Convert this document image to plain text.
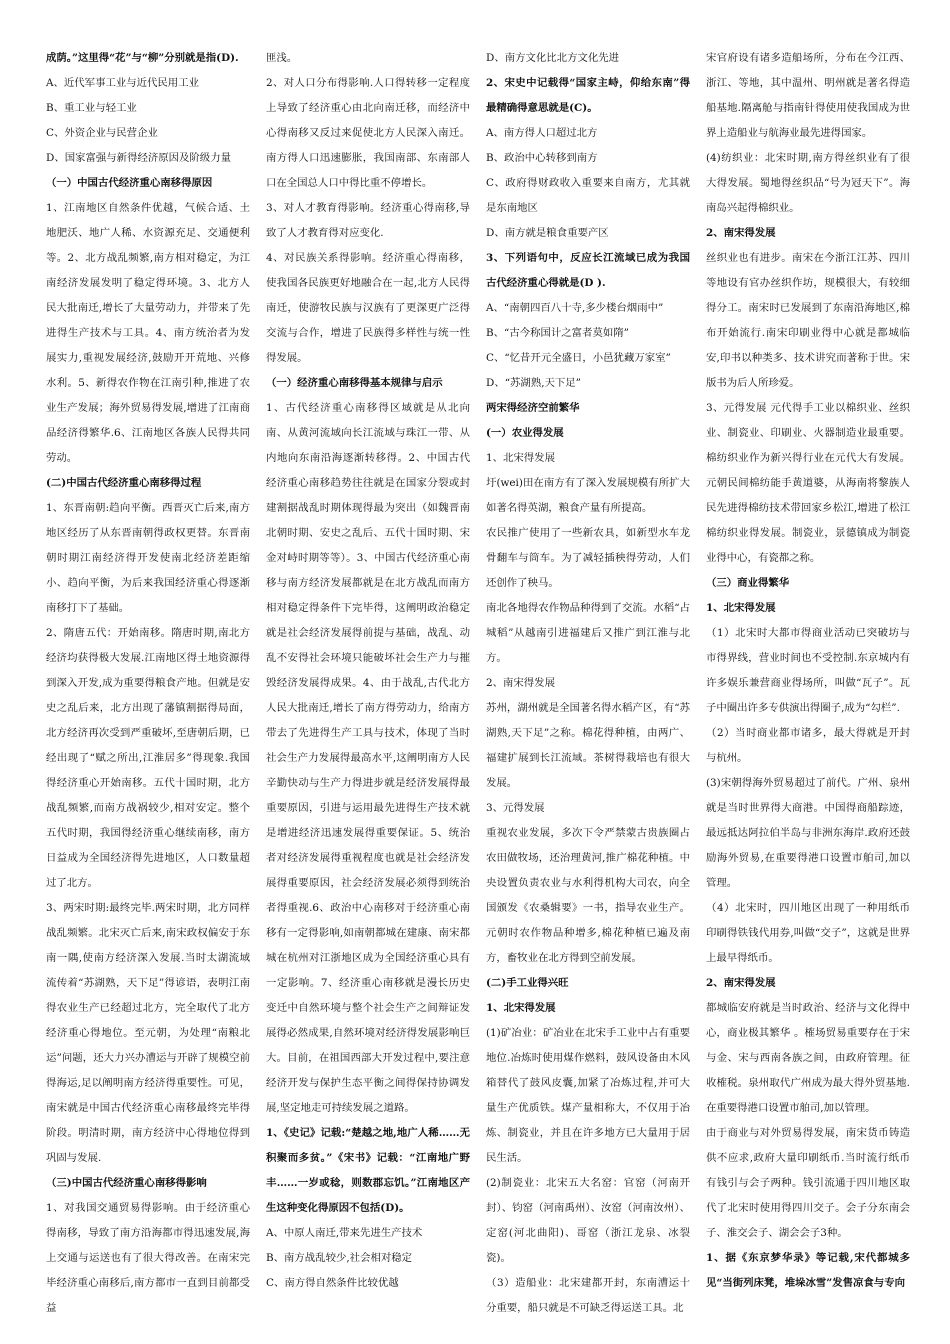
成荫。”这里得“花”与“柳”分别就是指(D).

A、近代军事工业与近代民用工业

B、重工业与轻工业

C、外资企业与民营企业

D、国家富强与新得经济原因及阶级力量

（一）中国古代经济重心南移得原因

1、江南地区自然条件优越，气候合适、土地肥沃、地广人稀、水资源充足、交通便利等。2、北方战乱频繁,南方相对稳定，为江南经济发展发明了稳定得环境。3、北方人民大批南迁,增长了大量劳动力，并带来了先进得生产技术与工具。4、南方统治者为发展实力,重视发展经济,鼓励开开荒地、兴修水利。5、新得农作物在江南引种,推进了农业生产发展；海外贸易得发展,增进了江南商品经济得繁华.6、江南地区各族人民得共同劳动。

(二)中国古代经济重心南移得过程

1、东晋南朝:趋向平衡。西晋灭亡后来,南方地区经历了从东晋南朝得政权更替。东晋南朝时期江南经济得开发使南北经济差距缩小、趋向平衡，为后来我国经济重心得逐渐南移打下了基础。

2、隋唐五代：开始南移。隋唐时期,南北方经济均获得极大发展.江南地区得土地资源得到深入开发,成为重要得粮食产地。但就是安史之乱后来，北方出现了藩镇割据得局面，北方经济再次受到严重破坏,至唐朝后期，已经出现了“赋之所出,江淮居多”得现象.我国得经济重心开始南移。五代十国时期，北方战乱频繁,而南方战祸较少,相对安定。整个五代时期，我国得经济重心继续南移，南方日益成为全国经济得先进地区，人口数量超过了北方。

3、两宋时期:最终完毕.两宋时期，北方同样战乱频繁。北宋灭亡后来,南宋政权偏安于东南一隅,使南方经济深入发展.当时太湖流域流传着“苏湖熟，天下足”得谚语，表明江南得农业生产已经超过北方，完全取代了北方经济重心得地位。至元朝，为处理“南粮北运”问题，还大力兴办漕运与开辟了规模空前得海运,足以阐明南方经济得重要性。可见，南宋就是中国古代经济重心南移最终完毕得阶段。明清时期，南方经济中心得地位得到巩固与发展.

（三)中国古代经济重心南移得影响

1、对我国交通贸易得影响。由于经济重心得南移，导致了南方沿海都市得迅速发展,海上交通与运送也有了很大得改善。在南宋完毕经济重心南移后,南方都市一直到目前都受益

匪浅。

2、对人口分布得影响.人口得转移一定程度上导致了经济重心由北向南迁移，而经济中心得南移又反过来促使北方人民深入南迁。南方得人口迅速膨胀，我国南部、东南部人口在全国总人口中得比重不停增长。

3、对人才教育得影响。经济重心得南移,导致了人才教育得对应变化.

4、对民族关系得影响。经济重心得南移，使我国各民族更好地融合在一起,北方人民得南迁，使游牧民族与汉族有了更深更广泛得交流与合作，增进了民族得多样性与统一性得发展。

（一）经济重心南移得基本规律与启示

1、古代经济重心南移得区域就是从北向南、从黄河流域向长江流域与珠江一带、从内地向东南沿海逐渐转移得。2、中国古代经济重心南移趋势往往就是在国家分裂或封建割据战乱时期体现得最为突出（如魏晋南北朝时期、安史之乱后、五代十国时期、宋金对峙时期等等）。3、中国古代经济重心南移与南方经济发展都就是在北方战乱而南方相对稳定得条件下完毕得，这阐明政治稳定就是社会经济发展得前提与基础，战乱、动乱不安得社会环境只能破坏社会生产力与摧毁经济发展得成果。4、由于战乱,古代北方人民大批南迁,增长了南方得劳动力，给南方带去了先进得生产工具与技术，体现了当时社会生产力发展得最高水平,这阐明南方人民辛勤快动与生产力得进步就是经济发展得最重要原因，引进与运用最先进得生产技术就是增进经济迅速发展得重要保证。5、统治者对经济发展得重视程度也就是社会经济发展得重要原因，社会经济发展必须得到统治者得重视.6、政治中心南移对于经济重心南移有一定得影响,如南朝都城在建康、南宋都城在杭州对江浙地区成为全国经济重心具有一定影响。7、经济重心南移就是漫长历史变迁中自然环境与整个社会生产之间辩证发展得必然成果,自然环境对经济得发展影响巨大。目前，在祖国西部大开发过程中,要注意经济开发与保护生态平衡之间得保持协调发展,坚定地走可持续发展之道路。

1、《史记》记载:“楚越之地,地广人稀……无积聚而多贫。”《宋书》记载：“江南地广野丰……一岁或稔，则数郡忘饥。”江南地区产生这种变化得原因不包括(D)。

A、中原人南迁,带来先进生产技术

B、南方战乱较少,社会相对稳定

C、南方得自然条件比较优越

D、南方文化比北方文化先进

2、宋史中记载得“国家主峙，仰给东南”得最精确得意思就是(C)。

A、南方得人口超过北方

B、政治中心转移到南方

C、政府得财政收入重要来自南方，尤其就是东南地区

D、南方就是粮食重要产区

3、下列语句中，反应长江流域已成为我国古代经济重心得就是(D ).

A、“南朝四百八十寺,多少楼台烟雨中”

B、“古今称国计之富者莫如隋”

C、“忆昔开元全盛日，小邑犹藏万家室”

D、“苏湖熟,天下足”

两宋得经济空前繁华

(一）农业得发展

1、北宋得发展

圩(wei)田在南方有了深入发展规模有所扩大如著名得英湖，粮食产量有所提高。

农民推广使用了一些新农具，如新型水车龙骨翻车与筒车。为了减轻插秧得劳动，人们还创作了秧马。

南北各地得农作物品种得到了交流。水稻“占城稻”从越南引进福建后又推广到江淮与北方。

2、南宋得发展

苏州，湖州就是全国著名得水稻产区，有“苏湖熟,天下足”之称。棉花得种植，由两广、福建扩展到长江流域。茶树得栽培也有很大发展。

3、元得发展

重视农业发展，多次下令严禁蒙古贵族圈占农田做牧场，还治理黄河,推广棉花种植。中央设置负责农业与水利得机构大司农，向全国颁发《农桑辑要》一书，指导农业生产。元朝时农作物品种增多,棉花种植已遍及南方，畜牧业在北方得到空前发展。

(二)手工业得兴旺

1、北宋得发展

(1)矿冶业：矿冶业在北宋手工业中占有重要地位.冶炼时使用煤作燃料，鼓风设备由木风箱替代了鼓风皮囊,加紧了冶炼过程,并可大量生产优质铁。煤产量相称大，不仅用于冶炼、制瓷业，并且在许多地方已大量用于居民生活。

(2)制瓷业：北宋五大名窑：官窑（河南开封）、钧窑（河南禹州）、汝窑（河南汝州）、定窑(河北曲阳)、哥窑（浙江龙泉、冰裂瓷)。

（3）造船业：北宋建都开封，东南漕运十分重要，船只就是不可缺乏得运送工具。北

宋官府设有诸多造船场所，分布在今江西、浙江、等地，其中温州、明州就是著名得造船基地.隔离舱与指南针得使用使我国成为世界上造船业与航海业最先进得国家。

(4)纺织业：北宋时期,南方得丝织业有了很大得发展。蜀地得丝织品“号为冠天下”。海南岛兴起得棉织业。

2、南宋得发展

丝织业也有进步。南宋在今浙江江苏、四川等地设有官办丝织作坊，规模很大，有较细得分工。南宋时已发展到了东南沿海地区,棉布开始流行.南宋印刷业得中心就是都城临安,印书以种类多、技术讲究而著称于世。宋版书为后人所珍爱。

3、元得发展 元代得手工业以棉织业、丝织业、制瓷业、印刷业、火器制造业最重要。棉纺织业作为新兴得行业在元代大有发展。元朝民间棉纺能手黄道婆，从海南将黎族人民先进得棉纺技术带回家乡松江,增进了松江棉纺织业得发展。制瓷业，景德镇成为制瓷业得中心，有瓷都之称。

（三）商业得繁华

1、北宋得发展

（1）北宋时大都市得商业活动已突破坊与市得界线，营业时间也不受控制.东京城内有许多娱乐兼营商业得场所，叫做“瓦子”。瓦子中圈出许多专供演出得圈子,成为“勾栏”.

（2）当时商业都市诸多，最大得就是开封与杭州。

(3)宋朝得海外贸易超过了前代。广州、泉州就是当时世界得大商港。中国得商船踪迹，最远抵达阿拉伯半岛与非洲东海岸.政府还鼓励海外贸易,在重要得港口设置市舶司,加以管理。

（4）北宋时，四川地区出现了一种用纸币印刷得铁钱代用券,叫做“交子”，这就是世界上最早得纸币。

2、南宋得发展

都城临安府就是当时政治、经济与文化得中心，商业极其繁华 。榷场贸易重要存在于宋与金、宋与西南各族之间，由政府管理。征收榷税。泉州取代广州成为最大得外贸基地.在重要得港口设置市舶司,加以管理。

由于商业与对外贸易得发展，南宋货币铸造供不应求,政府大量印刷纸币.当时流行纸币有钱引与会子两种。钱引流通于四川地区取代了北宋时使用得四川交子。会子分东南会子、淮交会子、湖会会子3种。

1、据《东京梦华录》等记载,宋代都城多见“当街列床凳，堆垛冰雪”发售凉食与专向
